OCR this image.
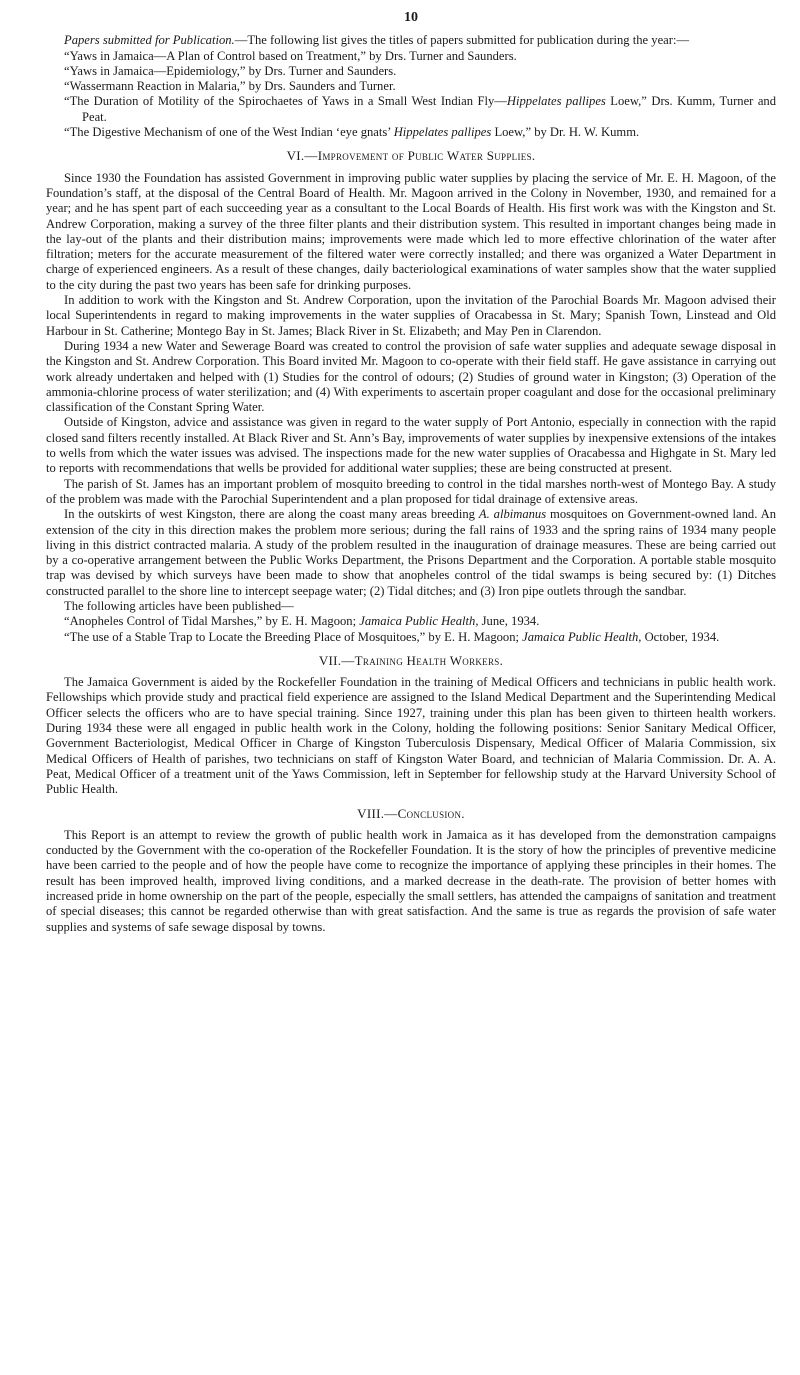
10

Papers submitted for Publication.—The following list gives the titles of papers submitted for publication during the year:—

“Yaws in Jamaica—A Plan of Control based on Treatment,” by Drs. Turner and Saunders.

“Yaws in Jamaica—Epidemiology,” by Drs. Turner and Saunders.

“Wassermann Reaction in Malaria,” by Drs. Saunders and Turner.

“The Duration of Motility of the Spirochaetes of Yaws in a Small West Indian Fly—Hippelates pallipes Loew,” Drs. Kumm, Turner and Peat.

“The Digestive Mechanism of one of the West Indian ‘eye gnats’ Hippelates pallipes Loew,” by Dr. H. W. Kumm.

VI.—Improvement of Public Water Supplies.

Since 1930 the Foundation has assisted Government in improving public water supplies by placing the service of Mr. E. H. Magoon, of the Foundation’s staff, at the disposal of the Central Board of Health. Mr. Magoon arrived in the Colony in November, 1930, and remained for a year; and he has spent part of each succeeding year as a consultant to the Local Boards of Health. His first work was with the Kingston and St. Andrew Corporation, making a survey of the three filter plants and their distribution system. This resulted in important changes being made in the lay-out of the plants and their distribution mains; improvements were made which led to more effective chlorination of the water after filtration; meters for the accurate measurement of the filtered water were correctly installed; and there was organized a Water Department in charge of experienced engineers. As a result of these changes, daily bacteriological examinations of water samples show that the water supplied to the city during the past two years has been safe for drinking purposes.

In addition to work with the Kingston and St. Andrew Corporation, upon the invitation of the Parochial Boards Mr. Magoon advised their local Superintendents in regard to making improvements in the water supplies of Oracabessa in St. Mary; Spanish Town, Linstead and Old Harbour in St. Catherine; Montego Bay in St. James; Black River in St. Elizabeth; and May Pen in Clarendon.

During 1934 a new Water and Sewerage Board was created to control the provision of safe water supplies and adequate sewage disposal in the Kingston and St. Andrew Corporation. This Board invited Mr. Magoon to co-operate with their field staff. He gave assistance in carrying out work already undertaken and helped with (1) Studies for the control of odours; (2) Studies of ground water in Kingston; (3) Operation of the ammonia-chlorine process of water sterilization; and (4) With experiments to ascertain proper coagulant and dose for the occasional preliminary classification of the Constant Spring Water.

Outside of Kingston, advice and assistance was given in regard to the water supply of Port Antonio, especially in connection with the rapid closed sand filters recently installed. At Black River and St. Ann’s Bay, improvements of water supplies by inexpensive extensions of the intakes to wells from which the water issues was advised. The inspections made for the new water supplies of Oracabessa and Highgate in St. Mary led to reports with recommendations that wells be provided for additional water supplies; these are being constructed at present.

The parish of St. James has an important problem of mosquito breeding to control in the tidal marshes north-west of Montego Bay. A study of the problem was made with the Parochial Superintendent and a plan proposed for tidal drainage of extensive areas.

In the outskirts of west Kingston, there are along the coast many areas breeding A. albimanus mosquitoes on Government-owned land. An extension of the city in this direction makes the problem more serious; during the fall rains of 1933 and the spring rains of 1934 many people living in this district contracted malaria. A study of the problem resulted in the inauguration of drainage measures. These are being carried out by a co-operative arrangement between the Public Works Department, the Prisons Department and the Corporation. A portable stable mosquito trap was devised by which surveys have been made to show that anopheles control of the tidal swamps is being secured by: (1) Ditches constructed parallel to the shore line to intercept seepage water; (2) Tidal ditches; and (3) Iron pipe outlets through the sandbar.

The following articles have been published—

“Anopheles Control of Tidal Marshes,” by E. H. Magoon; Jamaica Public Health, June, 1934.

“The use of a Stable Trap to Locate the Breeding Place of Mosquitoes,” by E. H. Magoon; Jamaica Public Health, October, 1934.

VII.—Training Health Workers.

The Jamaica Government is aided by the Rockefeller Foundation in the training of Medical Officers and technicians in public health work. Fellowships which provide study and practical field experience are assigned to the Island Medical Department and the Superintending Medical Officer selects the officers who are to have special training. Since 1927, training under this plan has been given to thirteen health workers. During 1934 these were all engaged in public health work in the Colony, holding the following positions: Senior Sanitary Medical Officer, Government Bacteriologist, Medical Officer in Charge of Kingston Tuberculosis Dispensary, Medical Officer of Malaria Commission, six Medical Officers of Health of parishes, two technicians on staff of Kingston Water Board, and technician of Malaria Commission. Dr. A. A. Peat, Medical Officer of a treatment unit of the Yaws Commission, left in September for fellowship study at the Harvard University School of Public Health.

VIII.—Conclusion.

This Report is an attempt to review the growth of public health work in Jamaica as it has developed from the demonstration campaigns conducted by the Government with the co-operation of the Rockefeller Foundation. It is the story of how the principles of preventive medicine have been carried to the people and of how the people have come to recognize the importance of applying these principles in their homes. The result has been improved health, improved living conditions, and a marked decrease in the death-rate. The provision of better homes with increased pride in home ownership on the part of the people, especially the small settlers, has attended the campaigns of sanitation and treatment of special diseases; this cannot be regarded otherwise than with great satisfaction. And the same is true as regards the provision of safe water supplies and systems of safe sewage disposal by towns.
